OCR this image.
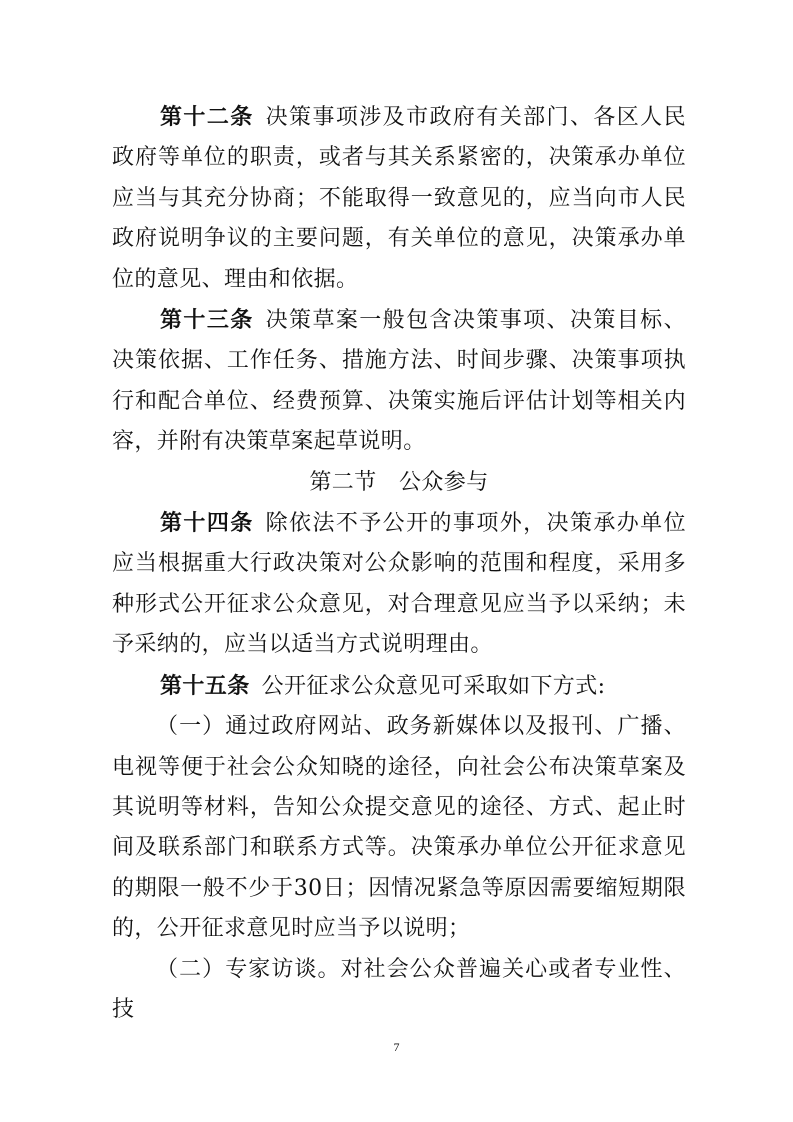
第十二条 决策事项涉及市政府有关部门、各区人民政府等单位的职责，或者与其关系紧密的，决策承办单位应当与其充分协商；不能取得一致意见的，应当向市人民政府说明争议的主要问题，有关单位的意见，决策承办单位的意见、理由和依据。

第十三条 决策草案一般包含决策事项、决策目标、决策依据、工作任务、措施方法、时间步骤、决策事项执行和配合单位、经费预算、决策实施后评估计划等相关内容，并附有决策草案起草说明。

第二节　公众参与

第十四条 除依法不予公开的事项外，决策承办单位应当根据重大行政决策对公众影响的范围和程度，采用多种形式公开征求公众意见，对合理意见应当予以采纳；未予采纳的，应当以适当方式说明理由。

第十五条 公开征求公众意见可采取如下方式:

（一）通过政府网站、政务新媒体以及报刊、广播、电视等便于社会公众知晓的途径，向社会公布决策草案及其说明等材料，告知公众提交意见的途径、方式、起止时间及联系部门和联系方式等。决策承办单位公开征求意见的期限一般不少于30日；因情况紧急等原因需要缩短期限的，公开征求意见时应当予以说明；

（二）专家访谈。对社会公众普遍关心或者专业性、技

7
